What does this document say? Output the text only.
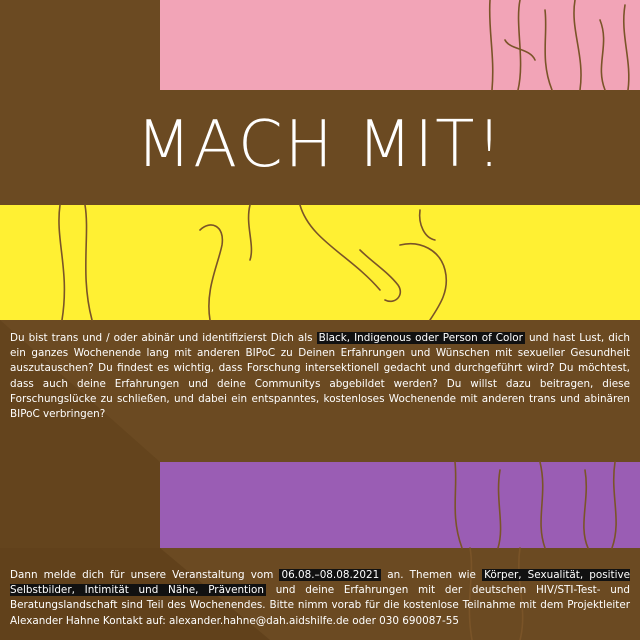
MACH MIT!
Du bist trans und / oder abinär und identifizierst Dich als Black, Indigenous oder Person of Color und hast Lust, dich ein ganzes Wochenende lang mit anderen BIPoC zu Deinen Erfahrungen und Wünschen mit sexueller Gesundheit auszutauschen? Du findest es wichtig, dass Forschung intersektionell gedacht und durchgeführt wird? Du möchtest, dass auch deine Erfahrungen und deine Communitys abgebildet werden? Du willst dazu beitragen, diese Forschungslücke zu schließen, und dabei ein entspanntes, kostenloses Wochenende mit anderen trans und abinären BIPoC verbringen?
Dann melde dich für unsere Veranstaltung vom 06.08.–08.08.2021 an. Themen wie Körper, Sexualität, positive Selbstbilder, Intimität und Nähe, Prävention und deine Erfahrungen mit der deutschen HIV/STI-Test- und Beratungslandschaft sind Teil des Wochenendes. Bitte nimm vorab für die kostenlose Teilnahme mit dem Projektleiter Alexander Hahne Kontakt auf: alexander.hahne@dah.aidshilfe.de oder 030 690087-55
